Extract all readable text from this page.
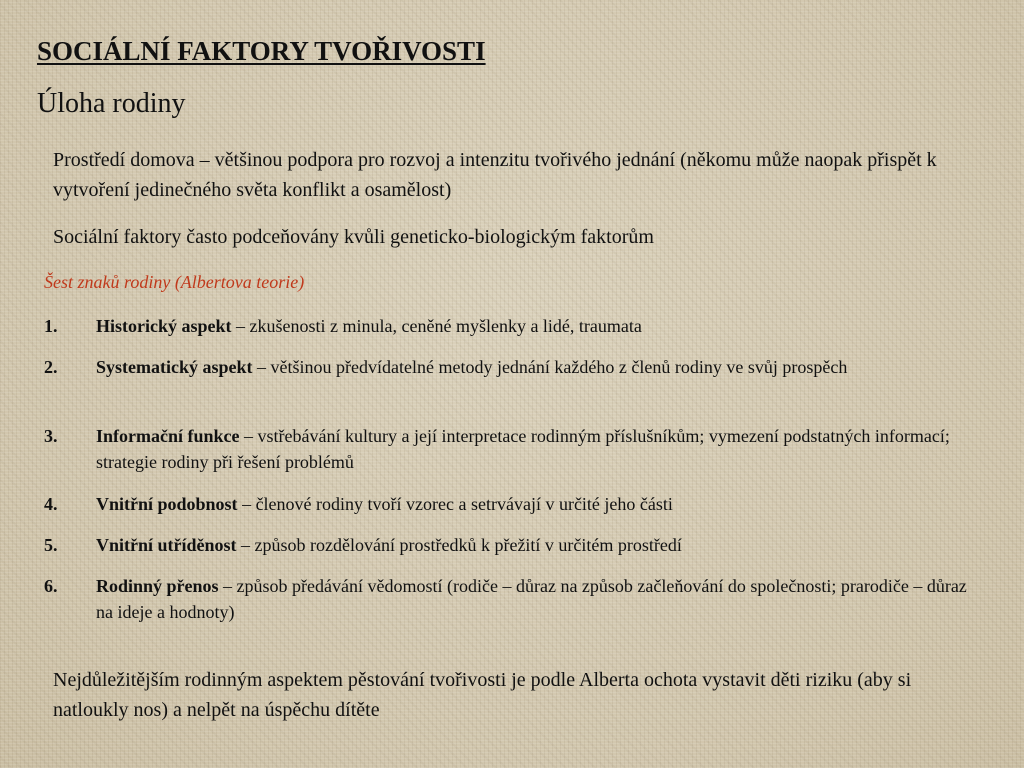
SOCIÁLNÍ FAKTORY TVOŘIVOSTI
Úloha rodiny
Prostředí domova – většinou podpora pro rozvoj a intenzitu tvořivého jednání (někomu může naopak přispět k vytvoření jedinečného světa konflikt a osamělost)
Sociální faktory často podceňovány kvůli geneticko-biologickým faktorům
Šest znaků rodiny (Albertova teorie)
1. Historický aspekt – zkušenosti z minula, ceněné myšlenky a lidé, traumata
2. Systematický aspekt – většinou předvídatelné metody jednání každého z členů rodiny ve svůj prospěch
3. Informační funkce – vstřebávání kultury a její interpretace rodinným příslušníkům; vymezení podstatných informací; strategie rodiny při řešení problémů
4. Vnitřní podobnost – členové rodiny tvoří vzorec a setrvávají v určité jeho části
5. Vnitřní utříděnost – způsob rozdělování prostředků k přežití v určitém prostředí
6. Rodinný přenos – způsob předávání vědomostí (rodiče – důraz na způsob začleňování do společnosti; prarodiče – důraz na ideje a hodnoty)
Nejdůležitějším rodinným aspektem pěstování tvořivosti je podle Alberta ochota vystavit děti riziku (aby si natloukly nos) a nelpět na úspěchu dítěte
